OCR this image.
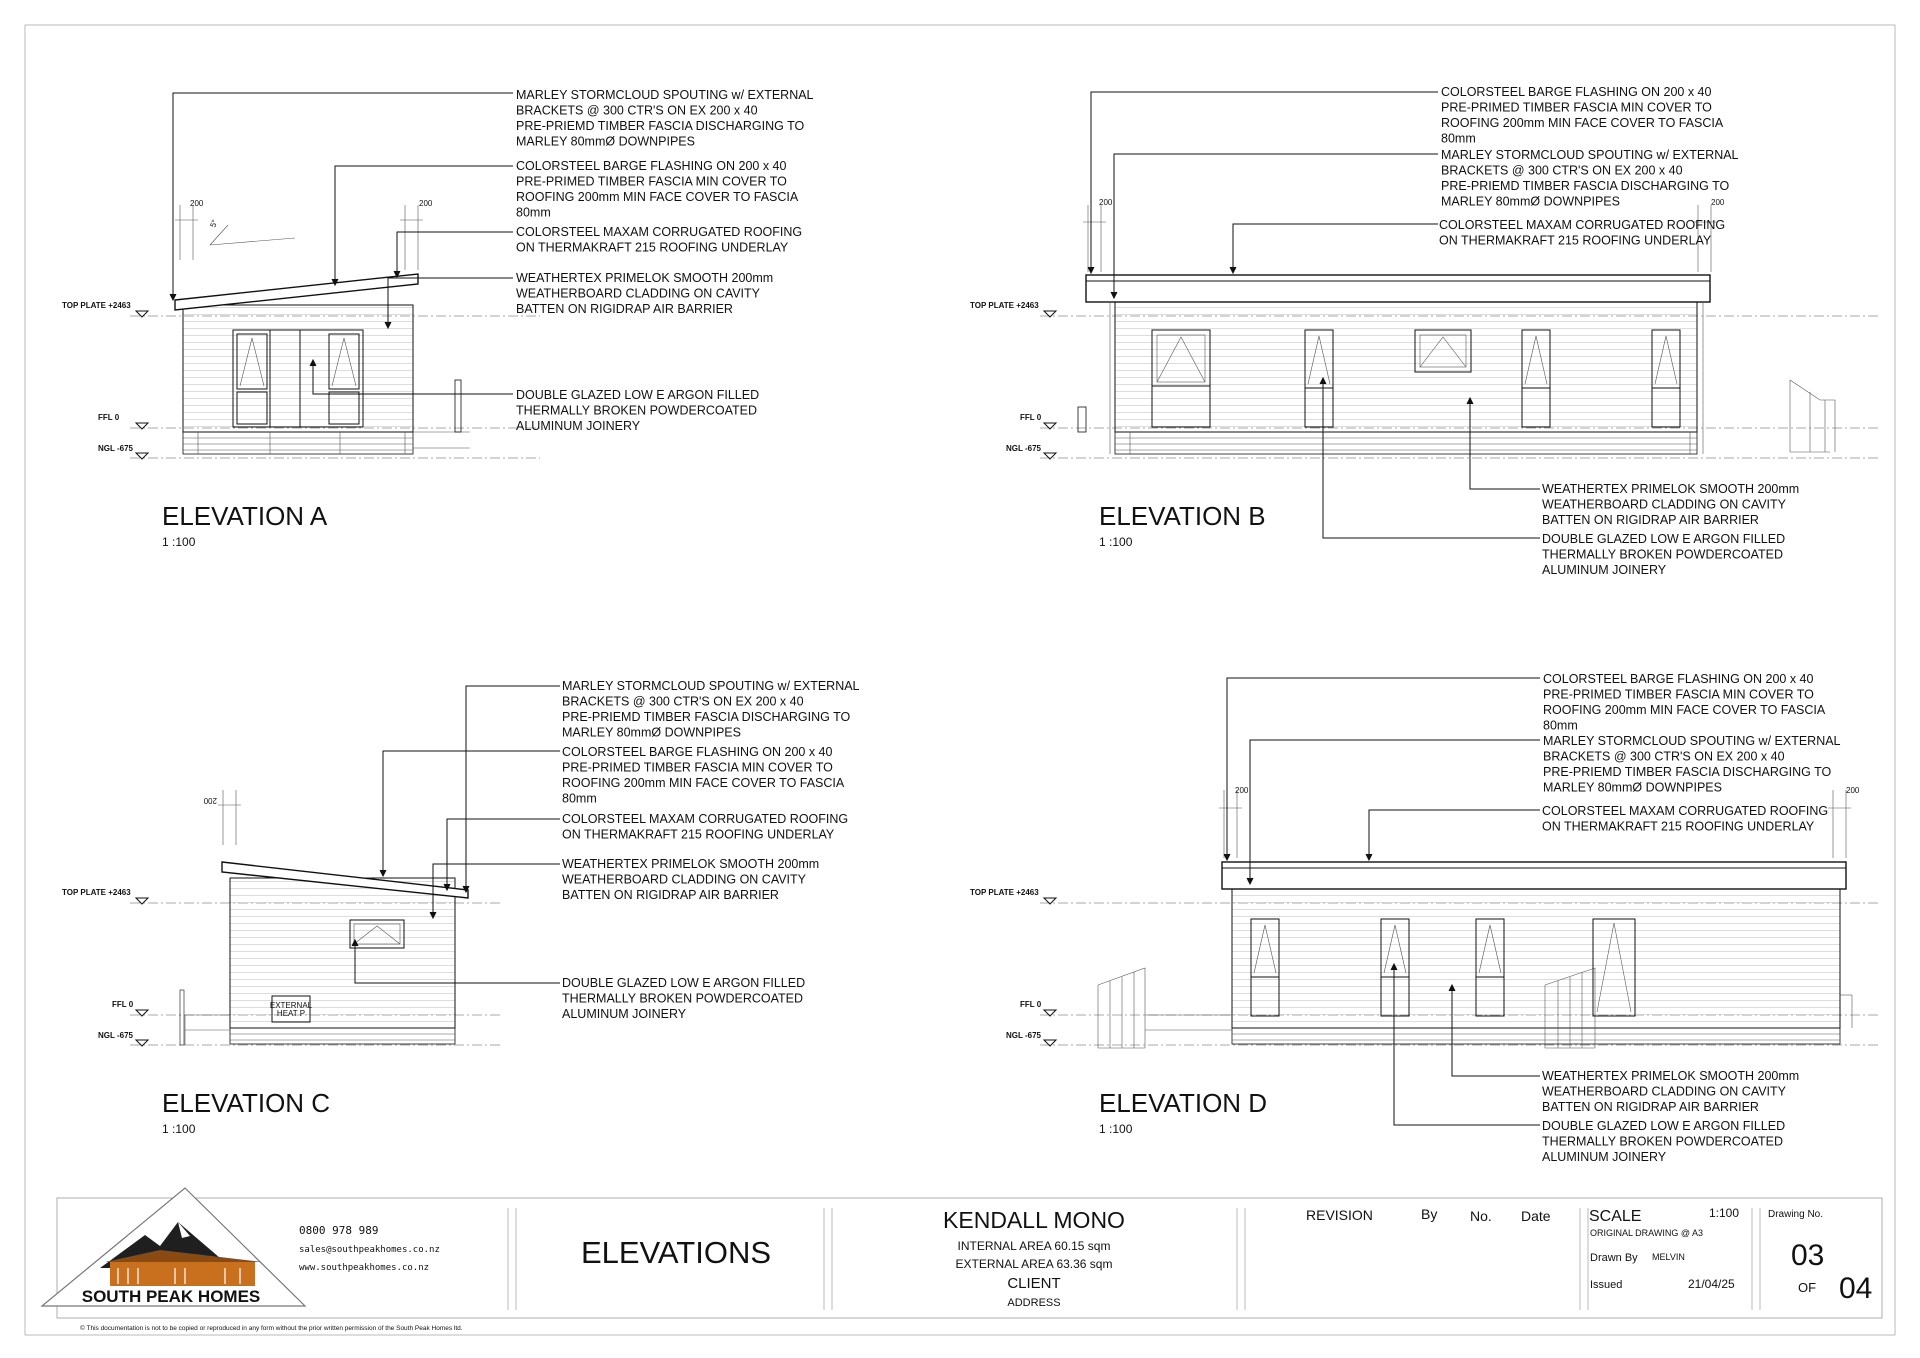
TOP PLATE +2463
FFL 0
NGL -675
200	200
5°
MARLEY STORMCLOUD SPOUTING w/ EXTERNAL BRACKETS @ 300 CTR'S ON EX 200 x 40 PRE-PRIEMD TIMBER FASCIA DISCHARGING TO MARLEY 80mmØ DOWNPIPES
COLORSTEEL BARGE FLASHING ON 200 x 40 PRE-PRIMED TIMBER FASCIA MIN COVER TO ROOFING 200mm MIN FACE COVER TO FASCIA 80mm
COLORSTEEL MAXAM CORRUGATED ROOFING ON THERMAKRAFT 215 ROOFING UNDERLAY
WEATHERTEX PRIMELOK SMOOTH 200mm WEATHERBOARD CLADDING ON CAVITY BATTEN ON RIGIDRAP AIR BARRIER
DOUBLE GLAZED LOW E ARGON FILLED THERMALLY BROKEN POWDERCOATED ALUMINUM JOINERY
ELEVATION A
1 :100
TOP PLATE +2463
FFL 0
NGL -675
200	200
COLORSTEEL BARGE FLASHING ON 200 x 40 PRE-PRIMED TIMBER FASCIA MIN COVER TO ROOFING 200mm MIN FACE COVER TO FASCIA 80mm
MARLEY STORMCLOUD SPOUTING w/ EXTERNAL BRACKETS @ 300 CTR'S ON EX 200 x 40 PRE-PRIEMD TIMBER FASCIA DISCHARGING TO MARLEY 80mmØ DOWNPIPES
COLORSTEEL MAXAM CORRUGATED ROOFING ON THERMAKRAFT 215 ROOFING UNDERLAY
WEATHERTEX PRIMELOK SMOOTH 200mm WEATHERBOARD CLADDING ON CAVITY BATTEN ON RIGIDRAP AIR BARRIER
DOUBLE GLAZED LOW E ARGON FILLED THERMALLY BROKEN POWDERCOATED ALUMINUM JOINERY
ELEVATION B
1 :100
TOP PLATE +2463
FFL 0
NGL -675
EXTERNAL
HEAT P
200
MARLEY STORMCLOUD SPOUTING w/ EXTERNAL BRACKETS @ 300 CTR'S ON EX 200 x 40 PRE-PRIEMD TIMBER FASCIA DISCHARGING TO MARLEY 80mmØ DOWNPIPES
COLORSTEEL BARGE FLASHING ON 200 x 40 PRE-PRIMED TIMBER FASCIA MIN COVER TO ROOFING 200mm MIN FACE COVER TO FASCIA 80mm
COLORSTEEL MAXAM CORRUGATED ROOFING ON THERMAKRAFT 215 ROOFING UNDERLAY
WEATHERTEX PRIMELOK SMOOTH 200mm WEATHERBOARD CLADDING ON CAVITY BATTEN ON RIGIDRAP AIR BARRIER
DOUBLE GLAZED LOW E ARGON FILLED THERMALLY BROKEN POWDERCOATED ALUMINUM JOINERY
ELEVATION C
1 :100
TOP PLATE +2463
FFL 0
NGL -675
200	200
COLORSTEEL BARGE FLASHING ON 200 x 40 PRE-PRIMED TIMBER FASCIA MIN COVER TO ROOFING 200mm MIN FACE COVER TO FASCIA 80mm
MARLEY STORMCLOUD SPOUTING w/ EXTERNAL BRACKETS @ 300 CTR'S ON EX 200 x 40 PRE-PRIEMD TIMBER FASCIA DISCHARGING TO MARLEY 80mmØ DOWNPIPES
COLORSTEEL MAXAM CORRUGATED ROOFING ON THERMAKRAFT 215 ROOFING UNDERLAY
WEATHERTEX PRIMELOK SMOOTH 200mm WEATHERBOARD CLADDING ON CAVITY BATTEN ON RIGIDRAP AIR BARRIER
DOUBLE GLAZED LOW E ARGON FILLED THERMALLY BROKEN POWDERCOATED ALUMINUM JOINERY
ELEVATION D
1 :100
SOUTH PEAK HOMES
0800 978 989
sales@southpeakhomes.co.nz
www.southpeakhomes.co.nz	ELEVATIONS
KENDALL MONO
INTERNAL AREA 60.15 sqm
EXTERNAL AREA 63.36 sqm
CLIENT
ADDRESS
REVISION	By No. Date SCALE	1:100
ORIGINAL DRAWING @ A3
Drawn By MELVIN
Issued	21/04/25
Drawing No.
03
OF 04
© This documentation is not to be copied or reproduced in any form without the prior written permission of the South Peak Homes ltd.
